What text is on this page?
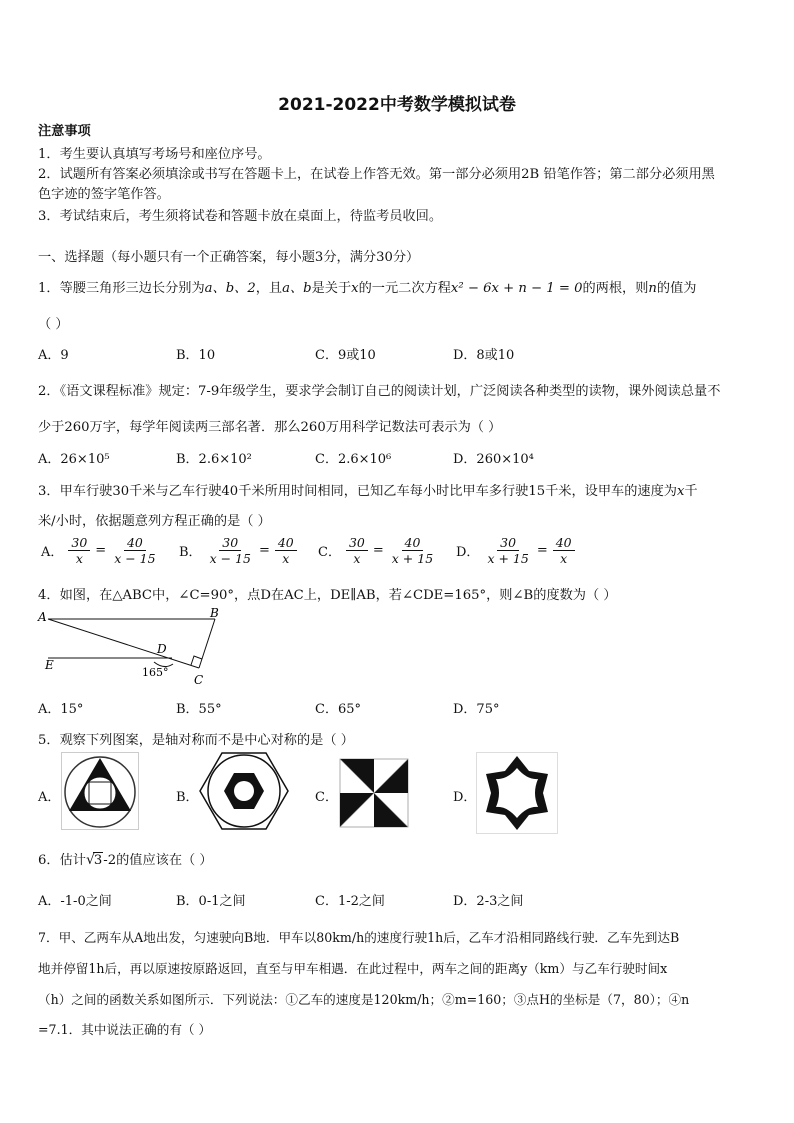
2021-2022中考数学模拟试卷
注意事项
1．考生要认真填写考场号和座位序号。
2．试题所有答案必须填涂或书写在答题卡上，在试卷上作答无效。第一部分必须用2B 铅笔作答；第二部分必须用黑
色字迹的签字笔作答。
3．考试结束后，考生须将试卷和答题卡放在桌面上，待监考员收回。
一、选择题（每小题只有一个正确答案，每小题3分，满分30分）
1．等腰三角形三边长分别为a、b、2，且a、b是关于x的一元二次方程x² − 6x + n − 1 = 0的两根，则n的值为
（ ）
A．9	B．10	C．9或10	D．8或10
2．《语文课程标准》规定：7-9年级学生，要求学会制订自己的阅读计划，广泛阅读各种类型的读物，课外阅读总量不
少于260万字，每学年阅读两三部名著．那么260万用科学记数法可表示为（ ）
A．26×10⁵	B．2.6×10²	C．2.6×10⁶	D．260×10⁴
3．甲车行驶30千米与乙车行驶40千米所用时间相同，已知乙车每小时比甲车多行驶15千米，设甲车的速度为x千
米/小时，依据题意列方程正确的是（ ）
A． $\frac{30}{x} = \frac{40}{x - 15}$ B． $\frac{30}{x - 15} = \frac{40}{x}$ C． $\frac{30}{x} = \frac{40}{x + 15}$ D． $\frac{30}{x + 15} = \frac{40}{x}$
4．如图，在△ABC中，∠C=90°，点D在AC上，DE∥AB，若∠CDE=165°，则∠B的度数为（ ）
A	B
D
E
165°
C
A．15°	B．55°	C．65°	D．75°
5．观察下列图案，是轴对称而不是中心对称的是（ ）
A．	B．	C．	D．
6．估计√3-2的值应该在（ ）
A．-1-0之间	B．0-1之间	C．1-2之间	D．2-3之间
7．甲、乙两车从A地出发，匀速驶向B地．甲车以80km/h的速度行驶1h后，乙车才沿相同路线行驶．乙车先到达B
地并停留1h后，再以原速按原路返回，直至与甲车相遇．在此过程中，两车之间的距离y（km）与乙车行驶时间x
（h）之间的函数关系如图所示．下列说法：①乙车的速度是120km/h；②m=160；③点H的坐标是（7，80）；④n
=7.1．其中说法正确的有（ ）
